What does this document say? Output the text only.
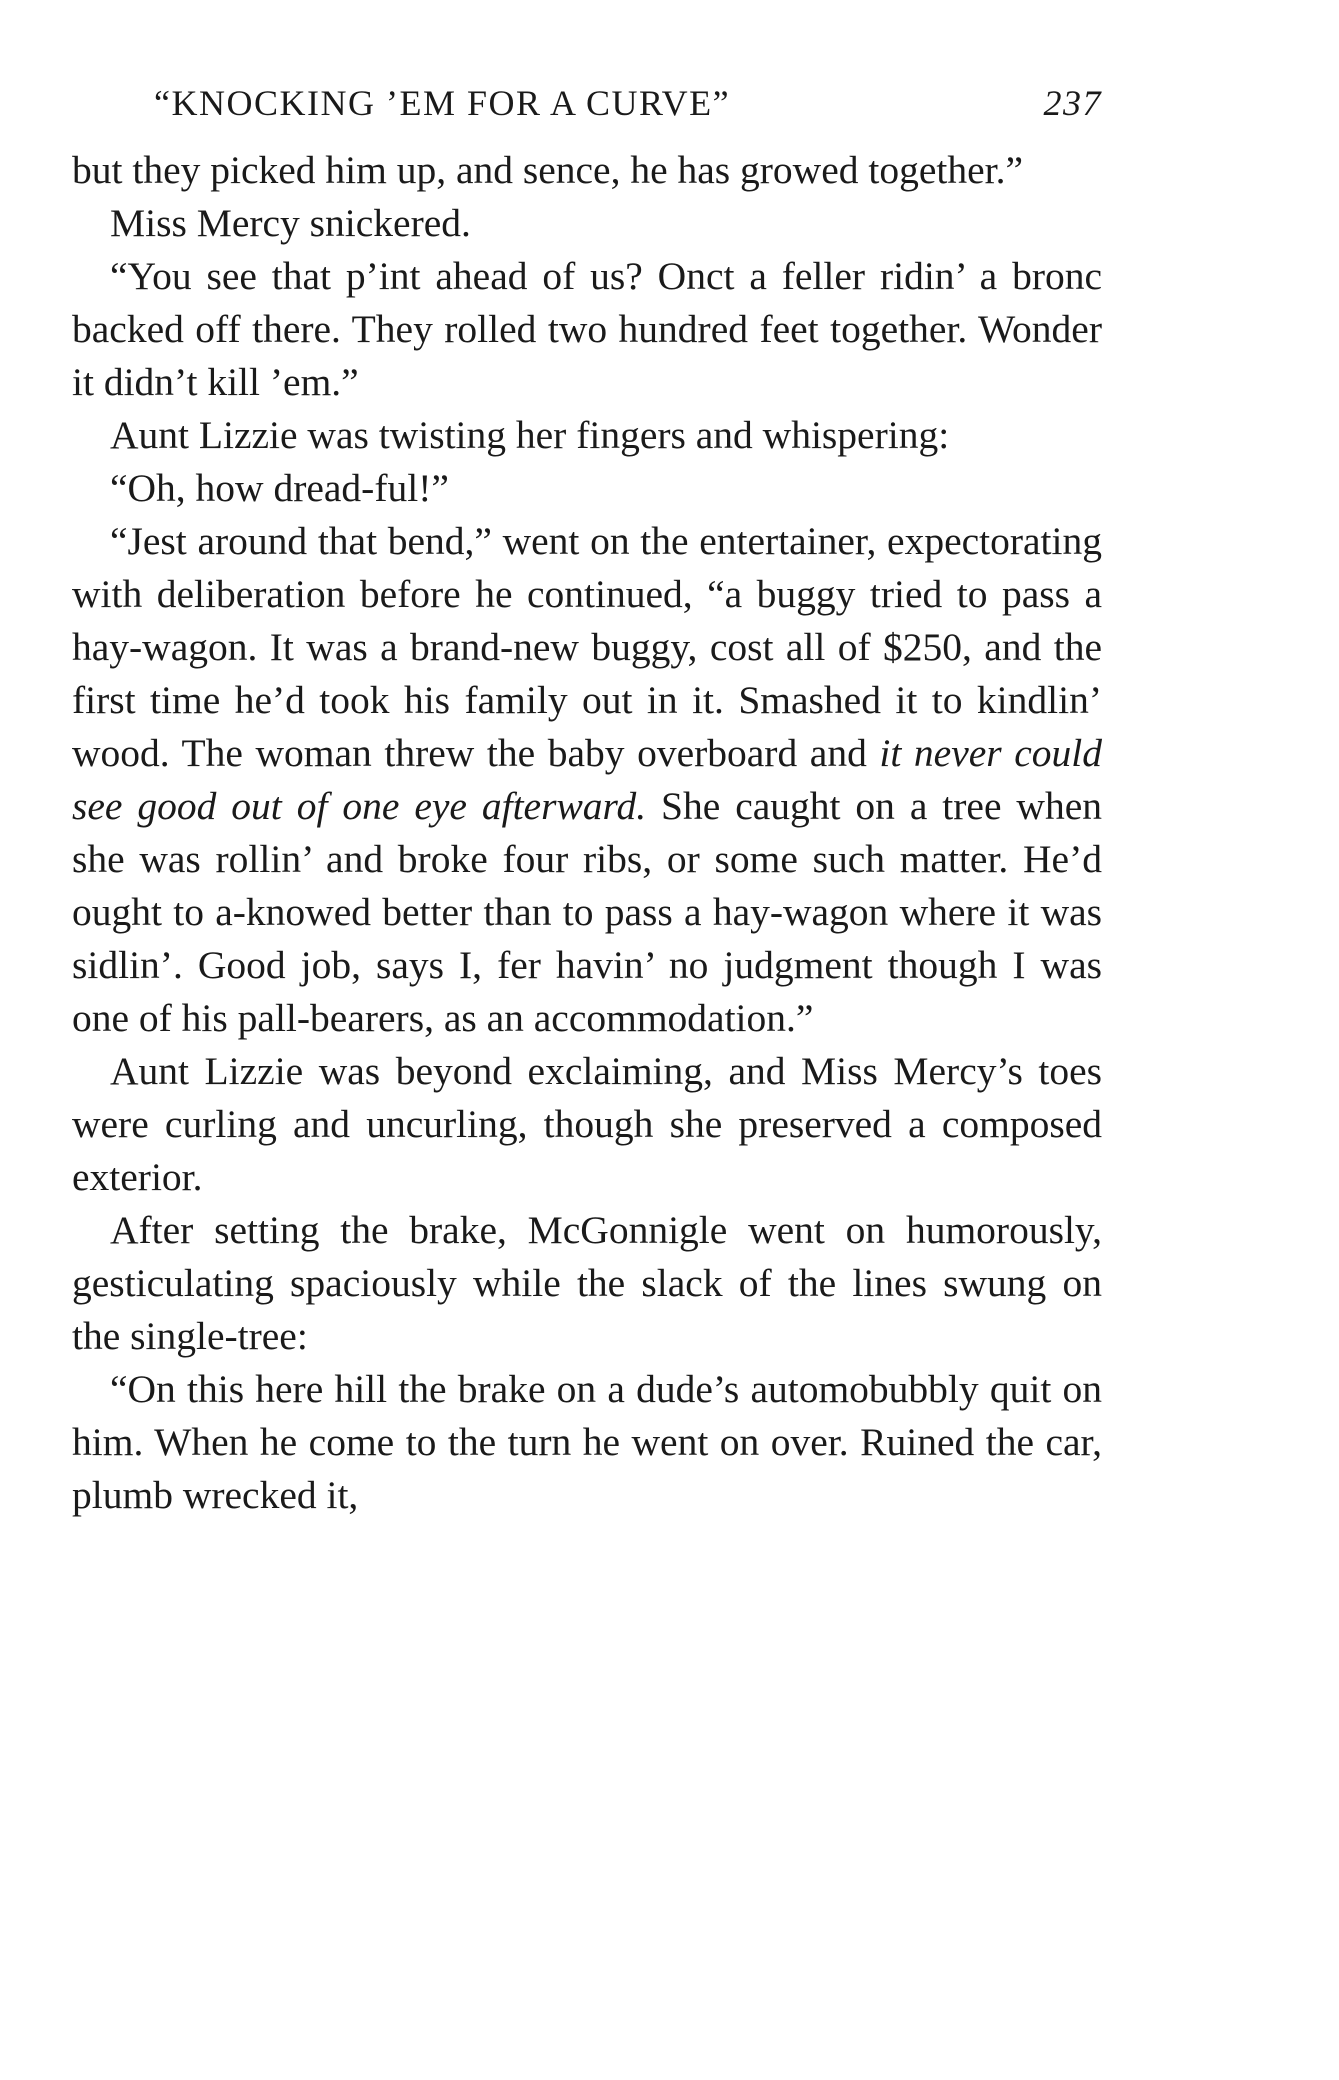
“KNOCKING ’EM FOR A CURVE”	237

but they picked him up, and sence, he has growed together.”

Miss Mercy snickered.

“You see that p’int ahead of us? Onct a feller ridin’ a bronc backed off there. They rolled two hundred feet together. Wonder it didn’t kill ’em.”

Aunt Lizzie was twisting her fingers and whispering:

“Oh, how dread-ful!”

“Jest around that bend,” went on the entertainer, expectorating with deliberation before he continued, “a buggy tried to pass a hay-wagon. It was a brand-new buggy, cost all of $250, and the first time he’d took his family out in it. Smashed it to kindlin’ wood. The woman threw the baby overboard and it never could see good out of one eye afterward. She caught on a tree when she was rollin’ and broke four ribs, or some such matter. He’d ought to a-knowed better than to pass a hay-wagon where it was sidlin’. Good job, says I, fer havin’ no judgment though I was one of his pall-bearers, as an accommodation.”

Aunt Lizzie was beyond exclaiming, and Miss Mercy’s toes were curling and uncurling, though she preserved a composed exterior.

After setting the brake, McGonnigle went on humorously, gesticulating spaciously while the slack of the lines swung on the single-tree:

“On this here hill the brake on a dude’s automobubbly quit on him. When he come to the turn he went on over. Ruined the car, plumb wrecked it,
